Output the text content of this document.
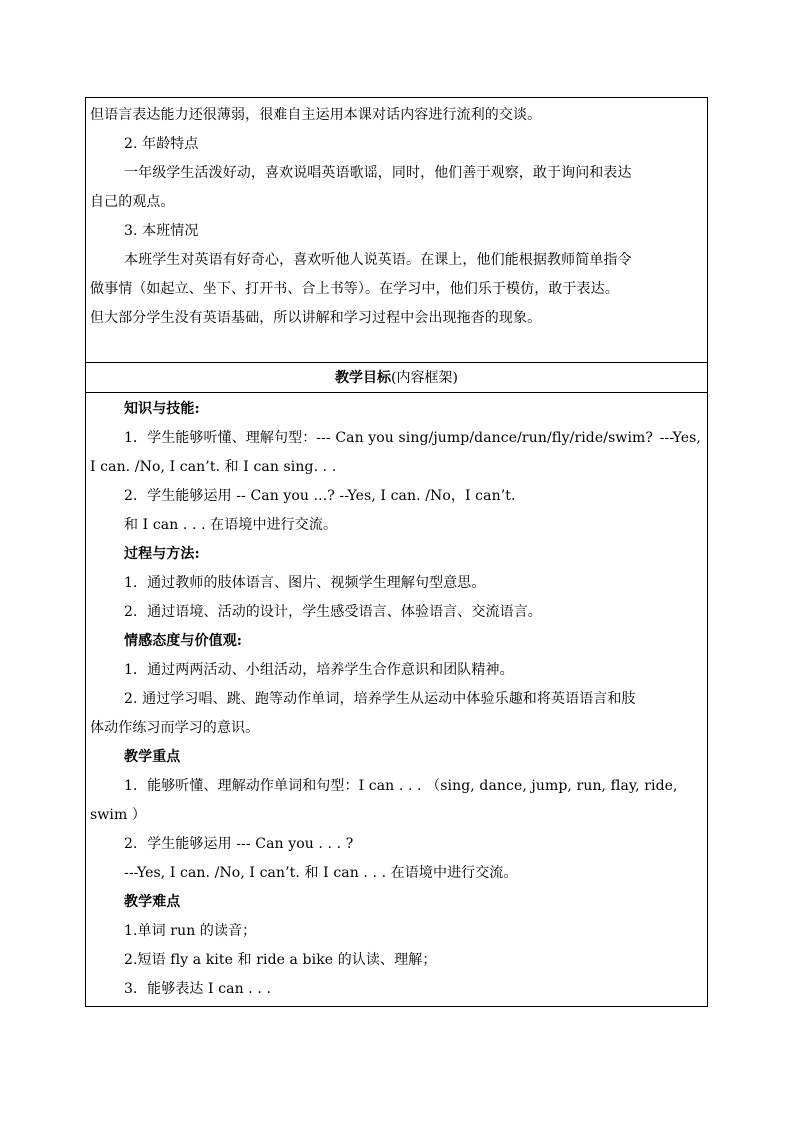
但语言表达能力还很薄弱，很难自主运用本课对话内容进行流利的交谈。
2. 年龄特点
一年级学生活泼好动，喜欢说唱英语歌谣，同时，他们善于观察，敢于询问和表达
自己的观点。
3. 本班情况
本班学生对英语有好奇心，喜欢听他人说英语。在课上，他们能根据教师简单指令
做事情（如起立、坐下、打开书、合上书等）。在学习中，他们乐于模仿，敢于表达。
但大部分学生没有英语基础，所以讲解和学习过程中会出现拖沓的现象。
教学目标(内容框架)
知识与技能:
1．学生能够听懂、理解句型：--- Can you sing/jump/dance/run/fly/ride/swim? ---Yes,
I can. /No, I can’t. 和 I can sing. . .
2．学生能够运用 -- Can you ...? --Yes, I can. /No，I can’t.
和 I can . . . 在语境中进行交流。
过程与方法:
1．通过教师的肢体语言、图片、视频学生理解句型意思。
2．通过语境、活动的设计，学生感受语言、体验语言、交流语言。
情感态度与价值观:
1．通过两两活动、小组活动，培养学生合作意识和团队精神。
2. 通过学习唱、跳、跑等动作单词，培养学生从运动中体验乐趣和将英语语言和肢
体动作练习而学习的意识。
教学重点
1．能够听懂、理解动作单词和句型：I can . . . （sing, dance, jump, run, flay, ride,
swim ）
2．学生能够运用 --- Can you . . . ?
---Yes, I can. /No, I can’t. 和 I can . . . 在语境中进行交流。
教学难点
1.单词 run 的读音；
2.短语 fly a kite 和 ride a bike 的认读、理解；
3．能够表达 I can . . .
